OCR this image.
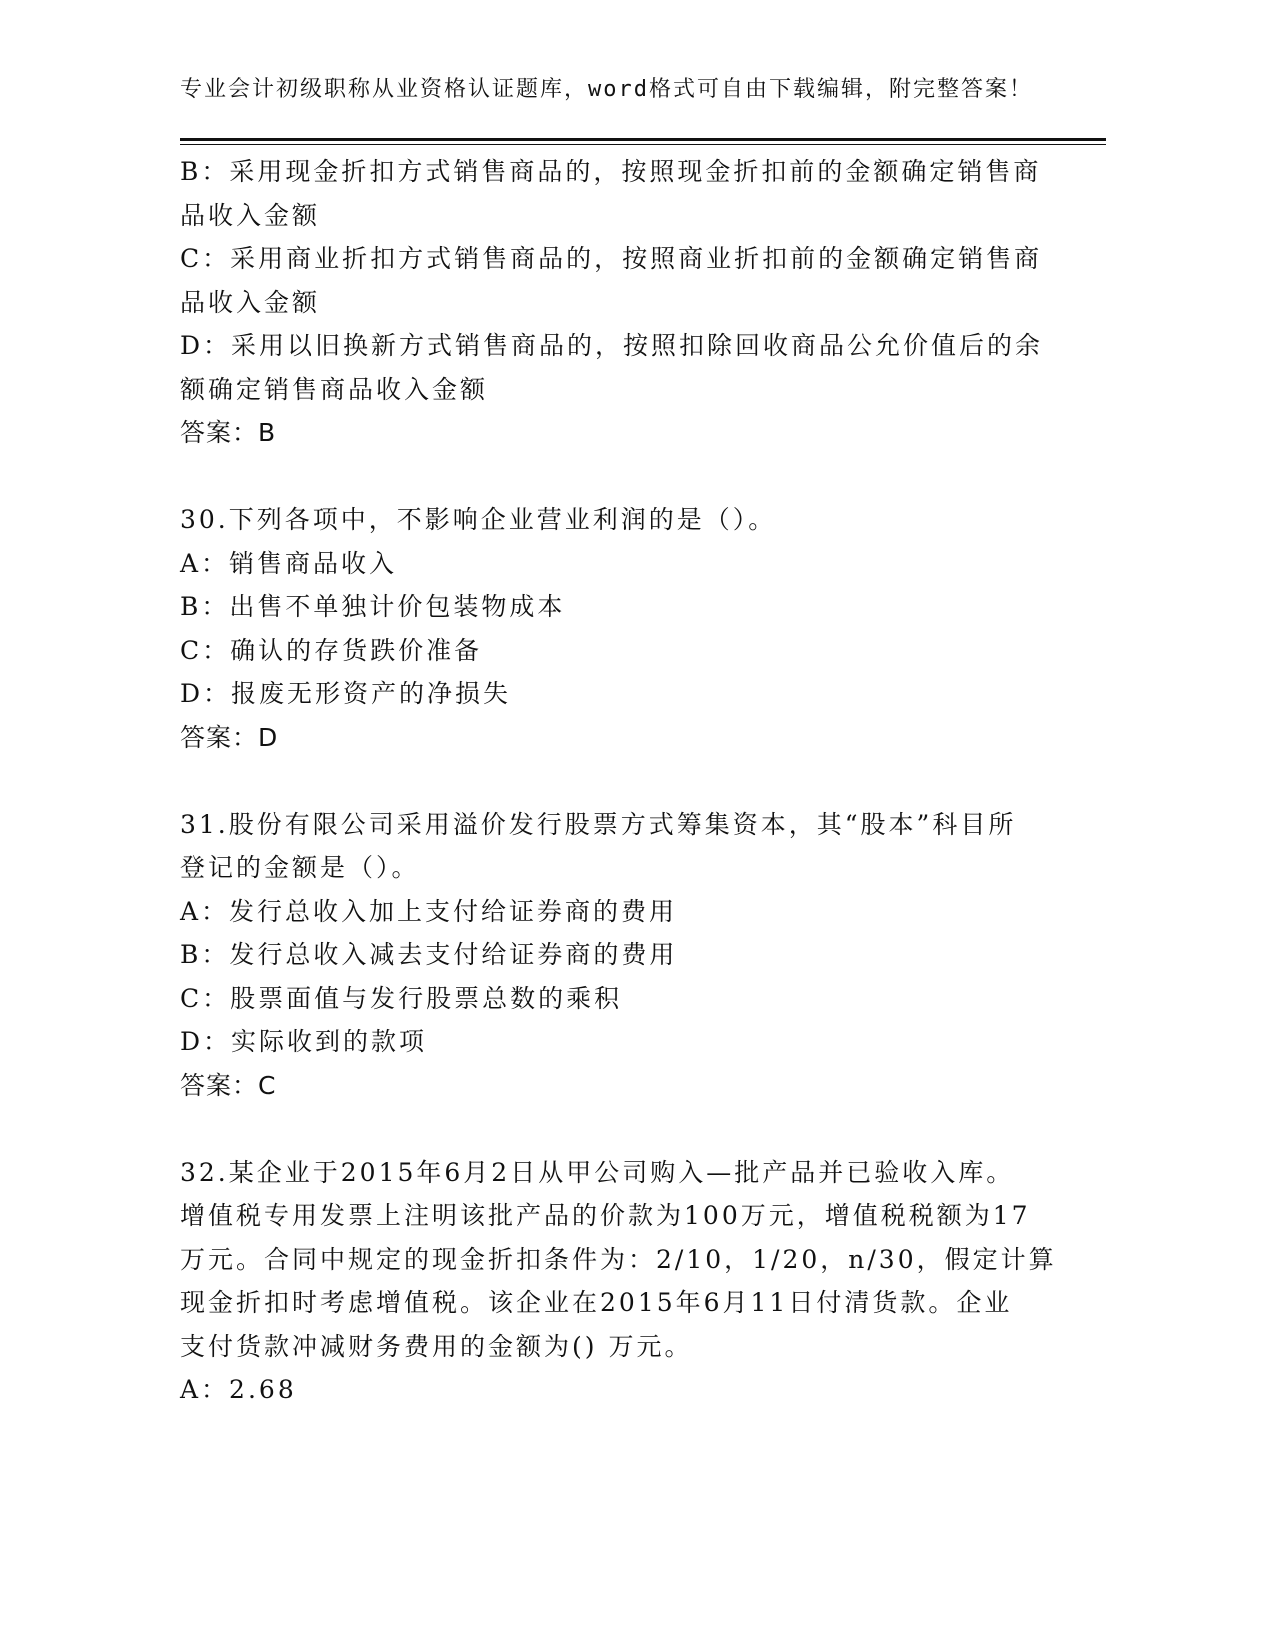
专业会计初级职称从业资格认证题库，word格式可自由下载编辑，附完整答案！
B：采用现金折扣方式销售商品的，按照现金折扣前的金额确定销售商
品收入金额
C：采用商业折扣方式销售商品的，按照商业折扣前的金额确定销售商
品收入金额
D：采用以旧换新方式销售商品的，按照扣除回收商品公允价值后的余
额确定销售商品收入金额
答案：B
30.下列各项中，不影响企业营业利润的是（）。
A：销售商品收入
B：出售不单独计价包装物成本
C：确认的存货跌价准备
D：报废无形资产的净损失
答案：D
31.股份有限公司采用溢价发行股票方式筹集资本，其“股本”科目所
登记的金额是（）。
A：发行总收入加上支付给证券商的费用
B：发行总收入减去支付给证券商的费用
C：股票面值与发行股票总数的乘积
D：实际收到的款项
答案：C
32.某企业于2015年6月2日从甲公司购入—批产品并已验收入库。
增值税专用发票上注明该批产品的价款为100万元，增值税税额为17
万元。合同中规定的现金折扣条件为：2/10，1/20，n/30，假定计算
现金折扣时考虑增值税。该企业在2015年6月11日付清货款。企业
支付货款冲减财务费用的金额为() 万元。
A：2.68
